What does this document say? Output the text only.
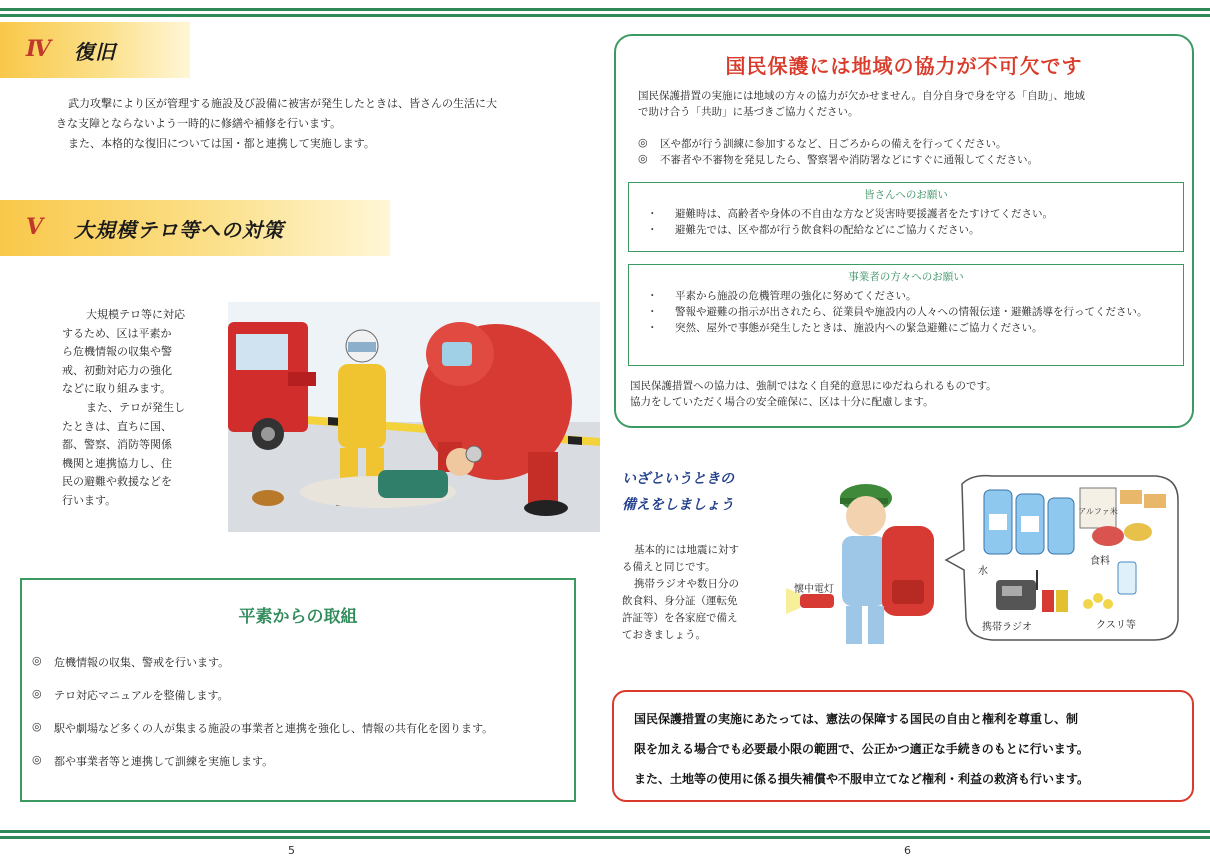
Ⅳ 復旧
武力攻撃により区が管理する施設及び設備に被害が発生したときは、皆さんの生活に大
きな支障とならないよう一時的に修繕や補修を行います。
また、本格的な復旧については国・都と連携して実施します。
Ⅴ 大規模テロ等への対策
大規模テロ等に対応
するため、区は平素か
ら危機情報の収集や警
戒、初動対応力の強化
などに取り組みます。
また、テロが発生し
たときは、直ちに国、
都、警察、消防等関係
機関と連携協力し、住
民の避難や救援などを
行います。
平素からの取組
◎	危機情報の収集、警戒を行います。
◎	テロ対応マニュアルを整備します。
◎	駅や劇場など多くの人が集まる施設の事業者と連携を強化し、情報の共有化を図ります。
◎	都や事業者等と連携して訓練を実施します。
国民保護には地域の協力が不可欠です
国民保護措置の実施には地域の方々の協力が欠かせません。自分自身で身を守る「自助」、地域
で助け合う「共助」に基づきご協力ください。
◎	区や都が行う訓練に参加するなど、日ごろからの備えを行ってください。
◎	不審者や不審物を発見したら、警察署や消防署などにすぐに通報してください。
皆さんへのお願い
・	避難時は、高齢者や身体の不自由な方など災害時要援護者をたすけてください。
・	避難先では、区や都が行う飲食料の配給などにご協力ください。
事業者の方々へのお願い
・	平素から施設の危機管理の強化に努めてください。
・	警報や避難の指示が出されたら、従業員や施設内の人々への情報伝達・避難誘導を行ってください。
・	突然、屋外で事態が発生したときは、施設内への緊急避難にご協力ください。
国民保護措置への協力は、強制ではなく自発的意思にゆだねられるものです。
協力をしていただく場合の安全確保に、区は十分に配慮します。
いざというときの
備えをしましょう
基本的には地震に対す
る備えと同じです。
携帯ラジオや数日分の
飲食料、身分証（運転免
許証等）を各家庭で備え
ておきましょう。
アルファ米
懐中電灯
水
食料
携帯ラジオ	クスリ等

国民保護措置の実施にあたっては、憲法の保障する国民の自由と権利を尊重し、制

限を加える場合でも必要最小限の範囲で、公正かつ適正な手続きのもとに行います。

また、土地等の使用に係る損失補償や不服申立てなど権利・利益の救済も行います。

5	6
